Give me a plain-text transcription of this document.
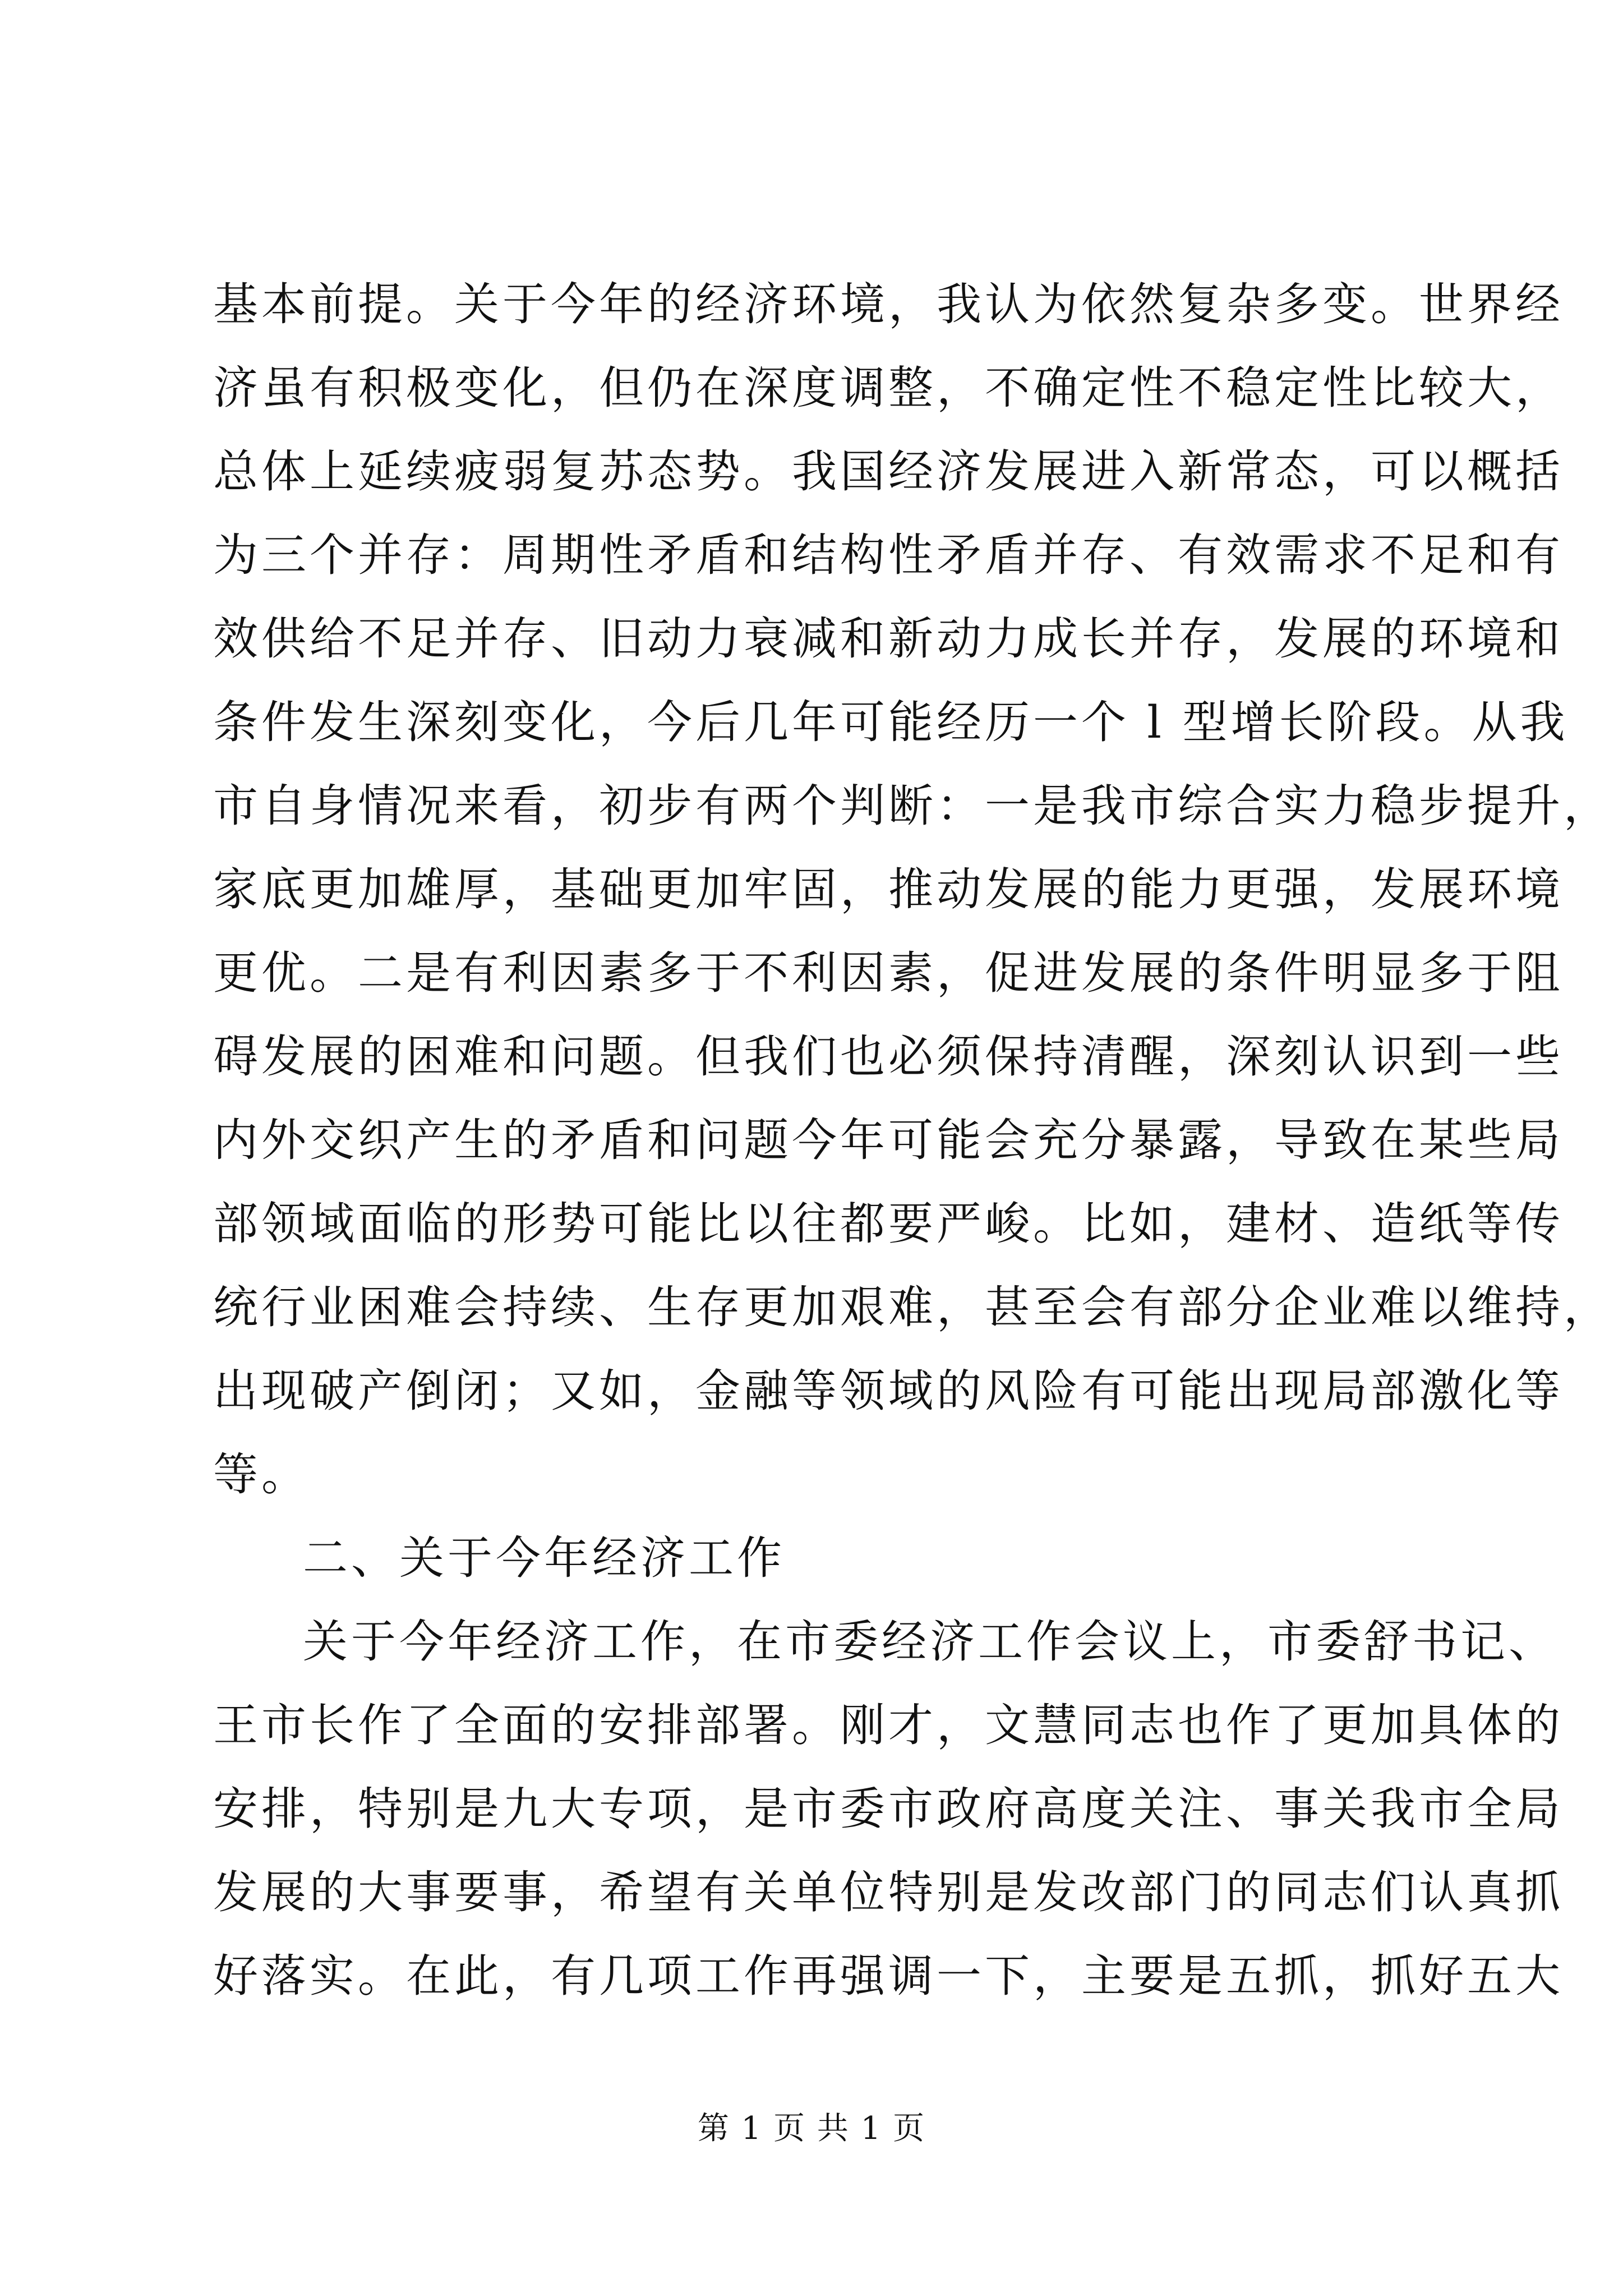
基本前提。关于今年的经济环境，我认为依然复杂多变。世界经
济虽有积极变化，但仍在深度调整，不确定性不稳定性比较大，
总体上延续疲弱复苏态势。我国经济发展进入新常态，可以概括
为三个并存：周期性矛盾和结构性矛盾并存、有效需求不足和有
效供给不足并存、旧动力衰减和新动力成长并存，发展的环境和
条件发生深刻变化，今后几年可能经历一个 l 型增长阶段。从我
市自身情况来看，初步有两个判断：一是我市综合实力稳步提升，
家底更加雄厚，基础更加牢固，推动发展的能力更强，发展环境
更优。二是有利因素多于不利因素，促进发展的条件明显多于阻
碍发展的困难和问题。但我们也必须保持清醒，深刻认识到一些
内外交织产生的矛盾和问题今年可能会充分暴露，导致在某些局
部领域面临的形势可能比以往都要严峻。比如，建材、造纸等传
统行业困难会持续、生存更加艰难，甚至会有部分企业难以维持，
出现破产倒闭；又如，金融等领域的风险有可能出现局部激化等
等。
二、关于今年经济工作
关于今年经济工作，在市委经济工作会议上，市委舒书记、
王市长作了全面的安排部署。刚才，文慧同志也作了更加具体的
安排，特别是九大专项，是市委市政府高度关注、事关我市全局
发展的大事要事，希望有关单位特别是发改部门的同志们认真抓
好落实。在此，有几项工作再强调一下，主要是五抓，抓好五大
第 1 页 共 1 页
